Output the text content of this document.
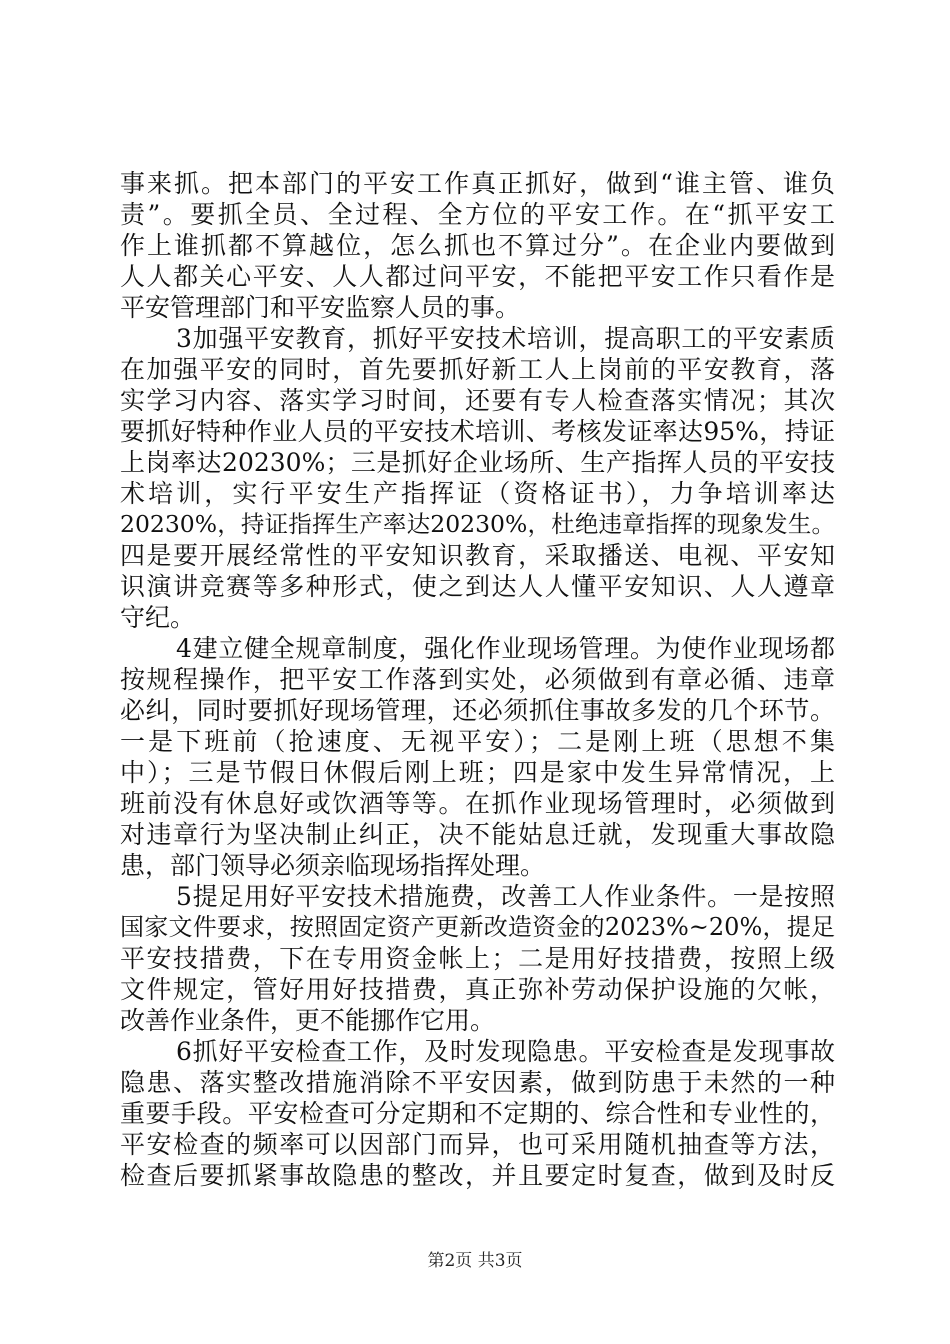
事来抓。把本部门的平安工作真正抓好，做到“谁主管、谁负
责”。要抓全员、全过程、全方位的平安工作。在“抓平安工
作上谁抓都不算越位，怎么抓也不算过分”。在企业内要做到
人人都关心平安、人人都过问平安，不能把平安工作只看作是
平安管理部门和平安监察人员的事。
3加强平安教育，抓好平安技术培训，提高职工的平安素质
在加强平安的同时，首先要抓好新工人上岗前的平安教育，落
实学习内容、落实学习时间，还要有专人检查落实情况；其次
要抓好特种作业人员的平安技术培训、考核发证率达95%，持证
上岗率达20230%；三是抓好企业场所、生产指挥人员的平安技
术培训，实行平安生产指挥证（资格证书），力争培训率达
20230%，持证指挥生产率达20230%，杜绝违章指挥的现象发生。
四是要开展经常性的平安知识教育，采取播送、电视、平安知
识演讲竞赛等多种形式，使之到达人人懂平安知识、人人遵章
守纪。
4建立健全规章制度，强化作业现场管理。为使作业现场都
按规程操作，把平安工作落到实处，必须做到有章必循、违章
必纠，同时要抓好现场管理，还必须抓住事故多发的几个环节。
一是下班前（抢速度、无视平安）；二是刚上班（思想不集
中）；三是节假日休假后刚上班；四是家中发生异常情况，上
班前没有休息好或饮酒等等。在抓作业现场管理时，必须做到
对违章行为坚决制止纠正，决不能姑息迁就，发现重大事故隐
患，部门领导必须亲临现场指挥处理。
5提足用好平安技术措施费，改善工人作业条件。一是按照
国家文件要求，按照固定资产更新改造资金的2023%~20%，提足
平安技措费，下在专用资金帐上；二是用好技措费，按照上级
文件规定，管好用好技措费，真正弥补劳动保护设施的欠帐，
改善作业条件，更不能挪作它用。
6抓好平安检查工作，及时发现隐患。平安检查是发现事故
隐患、落实整改措施消除不平安因素，做到防患于未然的一种
重要手段。平安检查可分定期和不定期的、综合性和专业性的，
平安检查的频率可以因部门而异，也可采用随机抽查等方法，
检查后要抓紧事故隐患的整改，并且要定时复查，做到及时反
第2页 共3页
